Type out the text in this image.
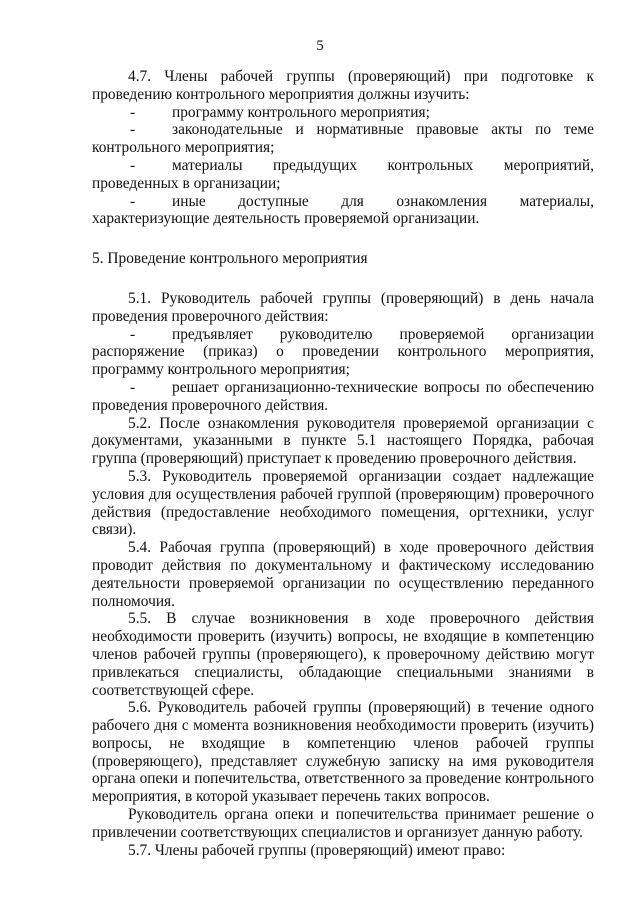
5

4.7. Члены рабочей группы (проверяющий) при подготовке к проведению контрольного мероприятия должны изучить:

-	программу контрольного мероприятия;
-	законодательные и нормативные правовые акты по теме контрольного мероприятия;
-	материалы предыдущих контрольных мероприятий, проведенных в организации;
-	иные доступные для ознакомления материалы, характеризующие деятельность проверяемой организации.

5. Проведение контрольного мероприятия

5.1. Руководитель рабочей группы (проверяющий) в день начала проведения проверочного действия:

-	предъявляет руководителю проверяемой организации распоряжение (приказ) о проведении контрольного мероприятия, программу контрольного мероприятия;
-	решает организационно-технические вопросы по обеспечению проведения проверочного действия.

5.2. После ознакомления руководителя проверяемой организации с документами, указанными в пункте 5.1 настоящего Порядка, рабочая группа (проверяющий) приступает к проведению проверочного действия.

5.3. Руководитель проверяемой организации создает надлежащие условия для осуществления рабочей группой (проверяющим) проверочного действия (предоставление необходимого помещения, оргтехники, услуг связи).

5.4. Рабочая группа (проверяющий) в ходе проверочного действия проводит действия по документальному и фактическому исследованию деятельности проверяемой организации по осуществлению переданного полномочия.

5.5. В случае возникновения в ходе проверочного действия необходимости проверить (изучить) вопросы, не входящие в компетенцию членов рабочей группы (проверяющего), к проверочному действию могут привлекаться специалисты, обладающие специальными знаниями в соответствующей сфере.

5.6. Руководитель рабочей группы (проверяющий) в течение одного рабочего дня с момента возникновения необходимости проверить (изучить) вопросы, не входящие в компетенцию членов рабочей группы (проверяющего), представляет служебную записку на имя руководителя органа опеки и попечительства, ответственного за проведение контрольного мероприятия, в которой указывает перечень таких вопросов.

Руководитель органа опеки и попечительства принимает решение о привлечении соответствующих специалистов и организует данную работу.

5.7. Члены рабочей группы (проверяющий) имеют право:
